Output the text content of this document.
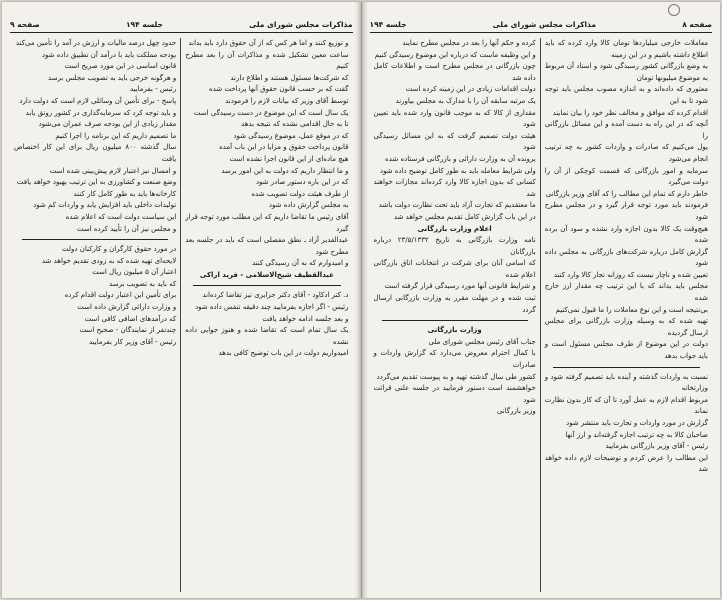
مذاکرات مجلس شورای ملی
جلسه ۱۹۴
صفحه ۹
و توزیع کنند و اما هر کس که از آن حقوق دارد باید بداند
ساعت معین تشکیل شده و مذاکرات آن را بعد مطرح کنیم
که شرکت‌ها مسئول هستند و اطلاع دارند
گفت که بر حسب قانون حقوق آنها پرداخت شده
توسط آقای وزیر که بیانات لازم را فرمودند
یک سال است که این موضوع در دست رسیدگی است
تا به حال اقدامی نشده که نتیجه بدهد
که در موقع عمل، موضوع رسیدگی شود
قانون پرداخت حقوق و مزایا در این باب آمده
هیچ ماده‌ای از این قانون اجرا نشده است
و ما انتظار داریم که دولت به این امور برسد
که در این باره دستور صادر شود
از طرف هیئت دولت تصویب شده
به مجلس گزارش داده شود
آقای رئیس ما تقاضا داریم که این مطلب مورد توجه قرار گیرد
عبدالقدیر آزاد ـ نطق مفصلی است که باید در جلسه بعد مطرح شود
و امیدوارم که به آن رسیدگی کنند
عبدالقطیف شیخ‌الاسلامی - فرید اراکی
د. کتر ادکاود - آقای دکتر جزایری نیز تقاضا کرده‌اند
رئیس - اگر اجازه بفرمایید چند دقیقه تنفس داده شود
و بعد جلسه ادامه خواهد یافت
یک سال تمام است که تقاضا شده و هنوز جوابی داده نشده
امیدواریم دولت در این باب توضیح کافی بدهد
حدود چهل درصد مالیات و ارزش در آمد را تأمین می‌کند
بودجه مملکت باید با درآمد آن تطبیق داده شود
قانون اساسی در این مورد صریح است
و هرگونه خرجی باید به تصویب مجلس برسد
رئیس - بفرمایید
پاسخ - برای تأمین آن وسائلی لازم است که دولت دارد
و باید توجه کرد که سرمایه‌گذاری در کشور رونق یابد
مقدار زیادی از این بودجه صرف عمران می‌شود
ما تصمیم داریم که این برنامه را اجرا کنیم
سال گذشته ۸۰۰ میلیون ریال برای این کار اختصاص یافت
و امسال نیز اعتبار لازم پیش‌بینی شده است
وضع صنعت و کشاورزی به این ترتیب بهبود خواهد یافت
کارخانه‌ها باید به طور کامل کار کنند
تولیدات داخلی باید افزایش یابد و واردات کم شود
این سیاست دولت است که اعلام شده
و مجلس نیز آن را تأیید کرده است
در مورد حقوق کارگران و کارکنان دولت
لایحه‌ای تهیه شده که به زودی تقدیم خواهد شد
اعتبار آن ۵ میلیون ریال است
که باید به تصویب برسد
برای تأمین این اعتبار دولت اقدام کرده
و وزارت دارائی گزارش داده است
که درآمدهای اضافی کافی است
چندنفر از نمایندگان - صحیح است
رئیس - آقای وزیر کار بفرمایید
صفحه ۸
مذاکرات مجلس شورای ملی
جلسه ۱۹۴
معاملات خارجی میلیاردها تومان کالا وارد کرده که باید اطلاع داشته باشیم و در این زمینه
به وضع بازرگانی کشور رسیدگی شود و اسناد آن مربوط به موضوع میلیونها تومان
معتوری که داده‌اند و به اندازه مصوب مجلس باید توجه شود تا به این
اقدام کرده که موافق و مخالف نظر خود را بیان نمایند
آنچه که در این راه به دست آمده و این مسائل بازرگانی را
پول می‌کنیم که صادرات و واردات کشور به چه ترتیب انجام می‌شود
سرمایه و امور بازرگانی که قسمت کوچکی از آن را دولت می‌گیرد
خاطر دارم که تمام این مطالب را که آقای وزیر بازرگانی
فرمودند باید مورد توجه قرار گیرد و در مجلس مطرح شود
هیچ‌وقت یک کالا بدون اجازه وارد نشده و سود آن برده شده
گزارش کامل درباره شرکت‌های بازرگانی به مجلس داده شود
تعیین شده و ناچار نیست که روزانه تجار کالا وارد کنند
مجلس باید بداند که با این ترتیب چه مقدار ارز خارج شده
بی‌نتیجه است و این نوع معاملات را ما قبول نمی‌کنیم
تهیه شده که به وسیله وزارت بازرگانی برای مجلس ارسال گردیده
دولت در این موضوع از طرف مجلس مسئول است و باید جواب بدهد
نسبت به واردات گذشته و آینده باید تصمیم گرفته شود و وزارتخانه
مربوط اقدام لازم به عمل آورد تا آن که کار بدون نظارت نماند
گزارش در مورد واردات و تجارت باید منتشر شود
صاحبان کالا به چه ترتیب اجازه گرفته‌اند و ارز آنها
رئیس - آقای وزیر بازرگانی بفرمایید
این مطالب را عرض کردم و توضیحات لازم داده خواهد شد
کرده و حکم آنها را بعد در مجلس مطرح نمایند
و این وظیفه ماست که درباره این موضوع رسیدگی کنیم
چون بازرگانی در مجلس مطرح است و اطلاعات کامل داده شد
دولت اقدامات زیادی در این زمینه کرده است
یک مرتبه سابقه آن را با مدارک به مجلس بیاورند
مقداری از کالا که به موجب قانون وارد شده باید تعیین شود
هیئت دولت تصمیم گرفت که به این مسائل رسیدگی شود
پرونده آن به وزارت دارائی و بازرگانی فرستاده شده
ولی شرایط معامله باید به طور کامل توضیح داده شود
کسانی که بدون اجازه کالا وارد کرده‌اند مجازات خواهند شد
ما معتقدیم که تجارت آزاد باید تحت نظارت دولت باشد
در این باب گزارش کامل تقدیم مجلس خواهد شد
اعلام وزارت بازرگانی
نامه وزارت بازرگانی به تاریخ ۲۳/۵/۱۳۳۲ درباره بازرگانان
که اسامی آنان برای شرکت در انتخابات اتاق بازرگانی اعلام شده
و شرایط قانونی آنها مورد رسیدگی قرار گرفته است
ثبت شده و در مهلت مقرر به وزارت بازرگانی ارسال گردد
وزارت بازرگانی
جناب آقای رئیس مجلس شورای ملی
با کمال احترام معروض می‌دارد که گزارش واردات و صادرات
کشور طی سال گذشته تهیه و به پیوست تقدیم می‌گردد
خواهشمند است دستور فرمایید در جلسه علنی قرائت شود
وزیر بازرگانی
